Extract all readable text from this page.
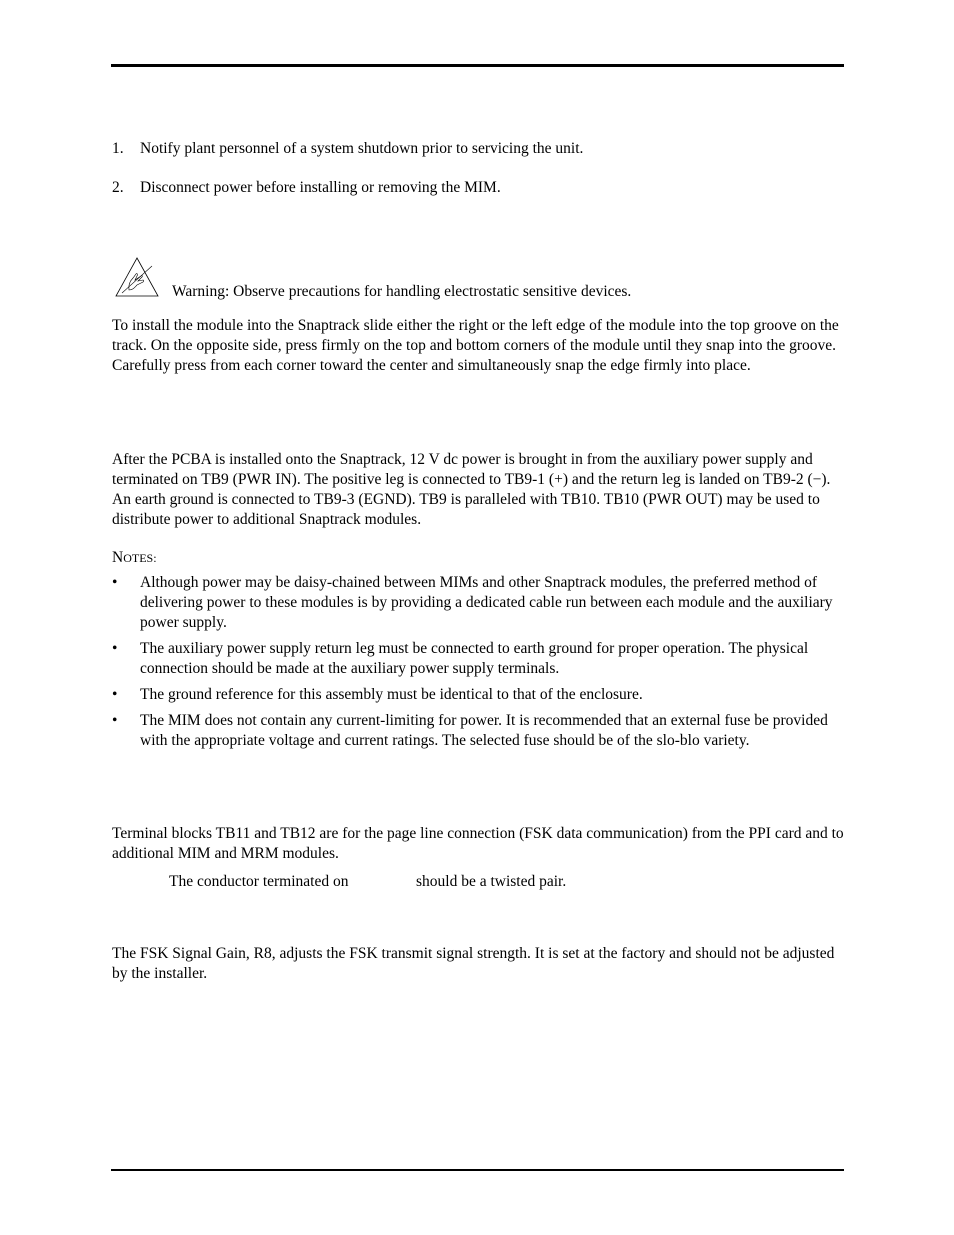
1. Notify plant personnel of a system shutdown prior to servicing the unit.
2. Disconnect power before installing or removing the MIM.
Warning: Observe precautions for handling electrostatic sensitive devices.

To install the module into the Snaptrack slide either the right or the left edge of the module into the top groove on the track. On the opposite side, press firmly on the top and bottom corners of the module until they snap into the groove. Carefully press from each corner toward the center and simultaneously snap the edge firmly into place.

After the PCBA is installed onto the Snaptrack, 12 V dc power is brought in from the auxiliary power supply and terminated on TB9 (PWR IN). The positive leg is connected to TB9-1 (+) and the return leg is landed on TB9-2 (−). An earth ground is connected to TB9-3 (EGND). TB9 is paralleled with TB10. TB10 (PWR OUT) may be used to distribute power to additional Snaptrack modules.

NOTES:
• Although power may be daisy-chained between MIMs and other Snaptrack modules, the preferred method of delivering power to these modules is by providing a dedicated cable run between each module and the auxiliary power supply.
• The auxiliary power supply return leg must be connected to earth ground for proper operation. The physical connection should be made at the auxiliary power supply terminals.
• The ground reference for this assembly must be identical to that of the enclosure.
• The MIM does not contain any current-limiting for power. It is recommended that an external fuse be provided with the appropriate voltage and current ratings. The selected fuse should be of the slo-blo variety.

Terminal blocks TB11 and TB12 are for the page line connection (FSK data communication) from the PPI card and to additional MIM and MRM modules.

The conductor terminated on	should be a twisted pair.

The FSK Signal Gain, R8, adjusts the FSK transmit signal strength. It is set at the factory and should not be adjusted by the installer.
